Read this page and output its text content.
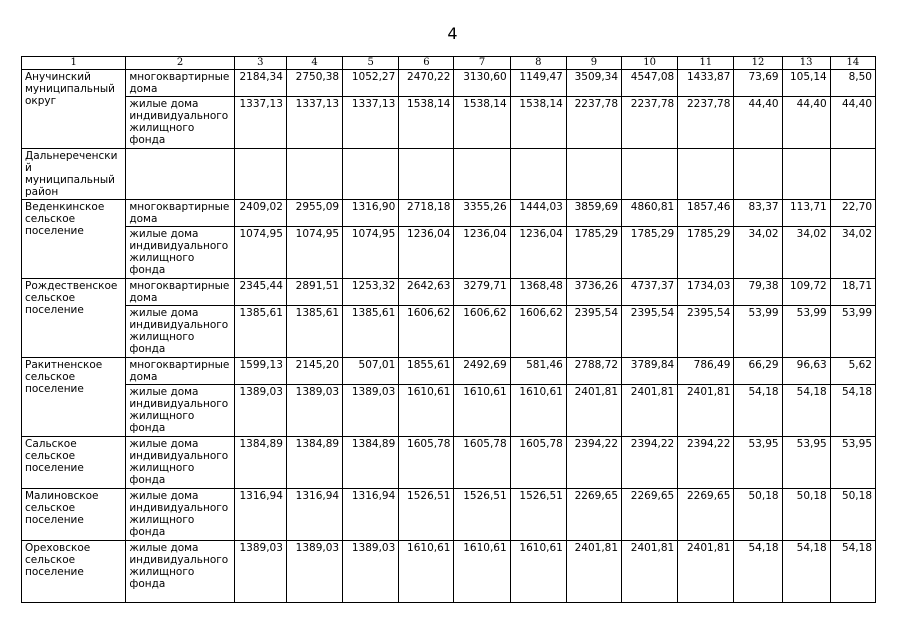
4
1	2	3	4	5	6	7	8	9	10	11	12	13	14
Анучинский муниципальный округ	многоквартирные дома	2184,34	2750,38	1052,27	2470,22	3130,60	1149,47	3509,34	4547,08	1433,87	73,69	105,14	8,50
	жилые дома индивидуального жилищного фонда	1337,13	1337,13	1337,13	1538,14	1538,14	1538,14	2237,78	2237,78	2237,78	44,40	44,40	44,40
Дальнереченский муниципальный район													
Веденкинское сельское поселение	многоквартирные дома	2409,02	2955,09	1316,90	2718,18	3355,26	1444,03	3859,69	4860,81	1857,46	83,37	113,71	22,70
	жилые дома индивидуального жилищного фонда	1074,95	1074,95	1074,95	1236,04	1236,04	1236,04	1785,29	1785,29	1785,29	34,02	34,02	34,02
Рождественское сельское поселение	многоквартирные дома	2345,44	2891,51	1253,32	2642,63	3279,71	1368,48	3736,26	4737,37	1734,03	79,38	109,72	18,71
	жилые дома индивидуального жилищного фонда	1385,61	1385,61	1385,61	1606,62	1606,62	1606,62	2395,54	2395,54	2395,54	53,99	53,99	53,99
Ракитненское сельское поселение	многоквартирные дома	1599,13	2145,20	507,01	1855,61	2492,69	581,46	2788,72	3789,84	786,49	66,29	96,63	5,62
	жилые дома индивидуального жилищного фонда	1389,03	1389,03	1389,03	1610,61	1610,61	1610,61	2401,81	2401,81	2401,81	54,18	54,18	54,18
Сальское сельское поселение	жилые дома индивидуального жилищного фонда	1384,89	1384,89	1384,89	1605,78	1605,78	1605,78	2394,22	2394,22	2394,22	53,95	53,95	53,95
Малиновское сельское поселение	жилые дома индивидуального жилищного фонда	1316,94	1316,94	1316,94	1526,51	1526,51	1526,51	2269,65	2269,65	2269,65	50,18	50,18	50,18
Ореховское сельское поселение	жилые дома индивидуального жилищного фонда	1389,03	1389,03	1389,03	1610,61	1610,61	1610,61	2401,81	2401,81	2401,81	54,18	54,18	54,18
